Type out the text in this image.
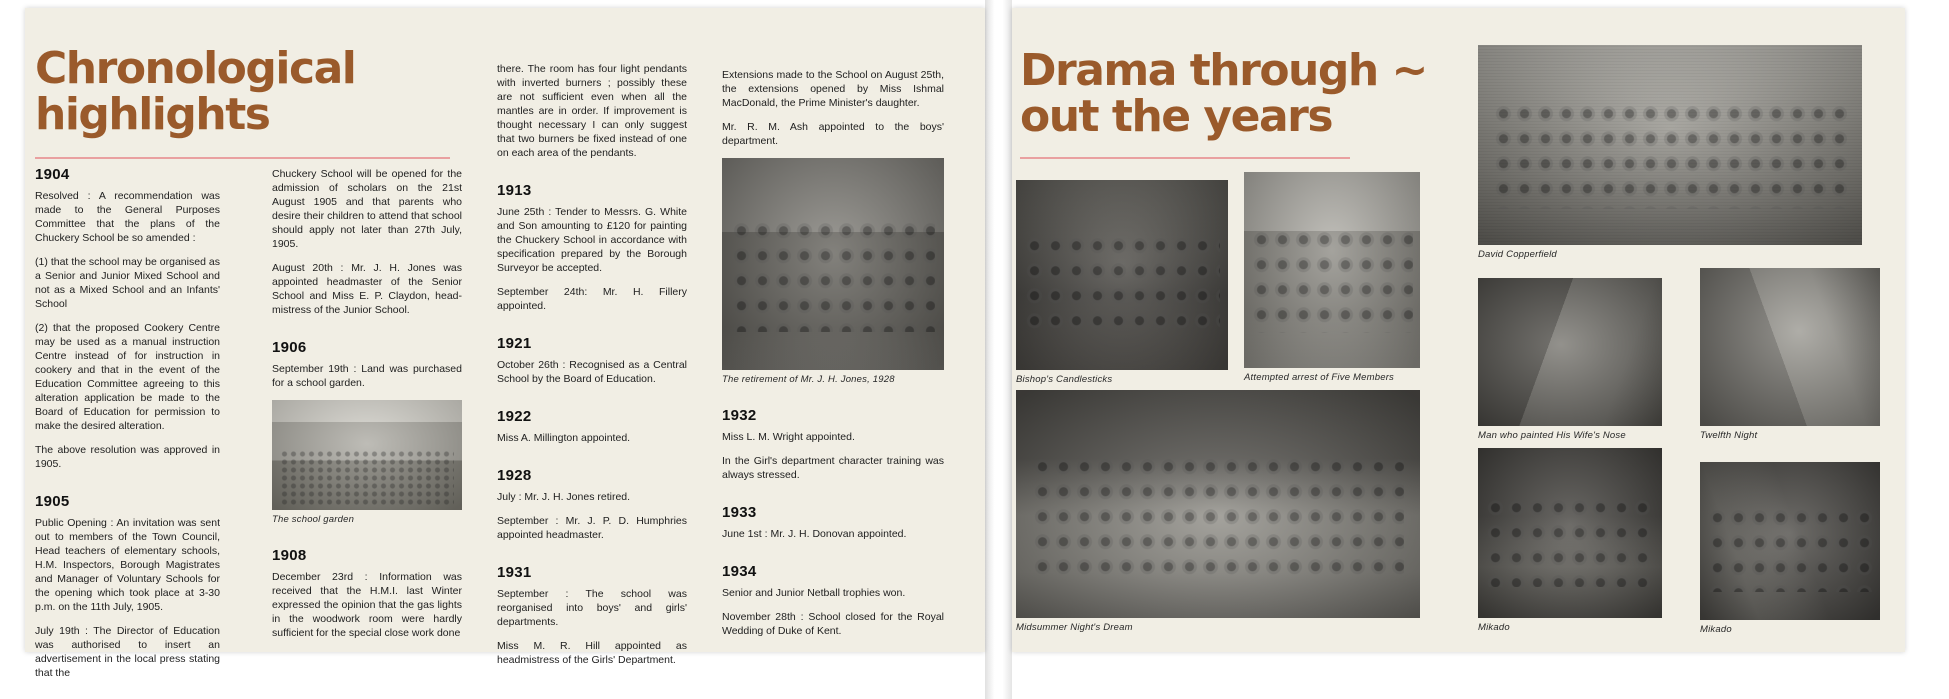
Chronological
highlights
1904

Resolved : A recommendation was made to the General Purposes Committee that the plans of the Chuckery School be so amended :

(1) that the school may be organised as a Senior and Junior Mixed School and not as a Mixed School and an Infants' School

(2) that the proposed Cookery Centre may be used as a manual instruction Centre instead of for instruction in cookery and that in the event of the Education Committee agreeing to this alteration application be made to the Board of Education for permission to make the desired alteration.

The above resolution was approved in 1905.

1905

Public Opening : An invitation was sent out to members of the Town Council, Head teachers of elementary schools, H.M. Inspectors, Borough Magistrates and Manager of Voluntary Schools for the opening which took place at 3-30 p.m. on the 11th July, 1905.

July 19th : The Director of Education was authorised to insert an advertisement in the local press stating that the

Chuckery School will be opened for the admission of scholars on the 21st August 1905 and that parents who desire their children to attend that school should apply not later than 27th July, 1905.

August 20th : Mr. J. H. Jones was appointed headmaster of the Senior School and Miss E. P. Claydon, head-mistress of the Junior School.

1906

September 19th : Land was purchased for a school garden.

The school garden
1908

December 23rd : Information was received that the H.M.I. last Winter expressed the opinion that the gas lights in the woodwork room were hardly sufficient for the special close work done

there. The room has four light pendants with inverted burners ; possibly these are not sufficient even when all the mantles are in order. If improvement is thought necessary I can only suggest that two burners be fixed instead of one on each area of the pendants.

1913

June 25th : Tender to Messrs. G. White and Son amounting to £120 for painting the Chuckery School in accordance with specification prepared by the Borough Surveyor be accepted.

September 24th: Mr. H. Fillery appointed.

1921

October 26th : Recognised as a Central School by the Board of Education.

1922

Miss A. Millington appointed.

1928

July : Mr. J. H. Jones retired.

September : Mr. J. P. D. Humphries appointed headmaster.

1931

September : The school was reorganised into boys' and girls' departments.

Miss M. R. Hill appointed as headmistress of the Girls' Department.

Extensions made to the School on August 25th, the extensions opened by Miss Ishmal MacDonald, the Prime Minister's daughter.

Mr. R. M. Ash appointed to the boys' department.

The retirement of Mr. J. H. Jones, 1928
1932

Miss L. M. Wright appointed.

In the Girl's department character training was always stressed.

1933

June 1st : Mr. J. H. Donovan appointed.

1934

Senior and Junior Netball trophies won.

November 28th : School closed for the Royal Wedding of Duke of Kent.

Drama through ~
out the years
David Copperfield
Bishop's Candlesticks	Attempted arrest of Five Members
Man who painted His Wife's Nose	Twelfth Night
Midsummer Night's Dream	Mikado	Mikado
